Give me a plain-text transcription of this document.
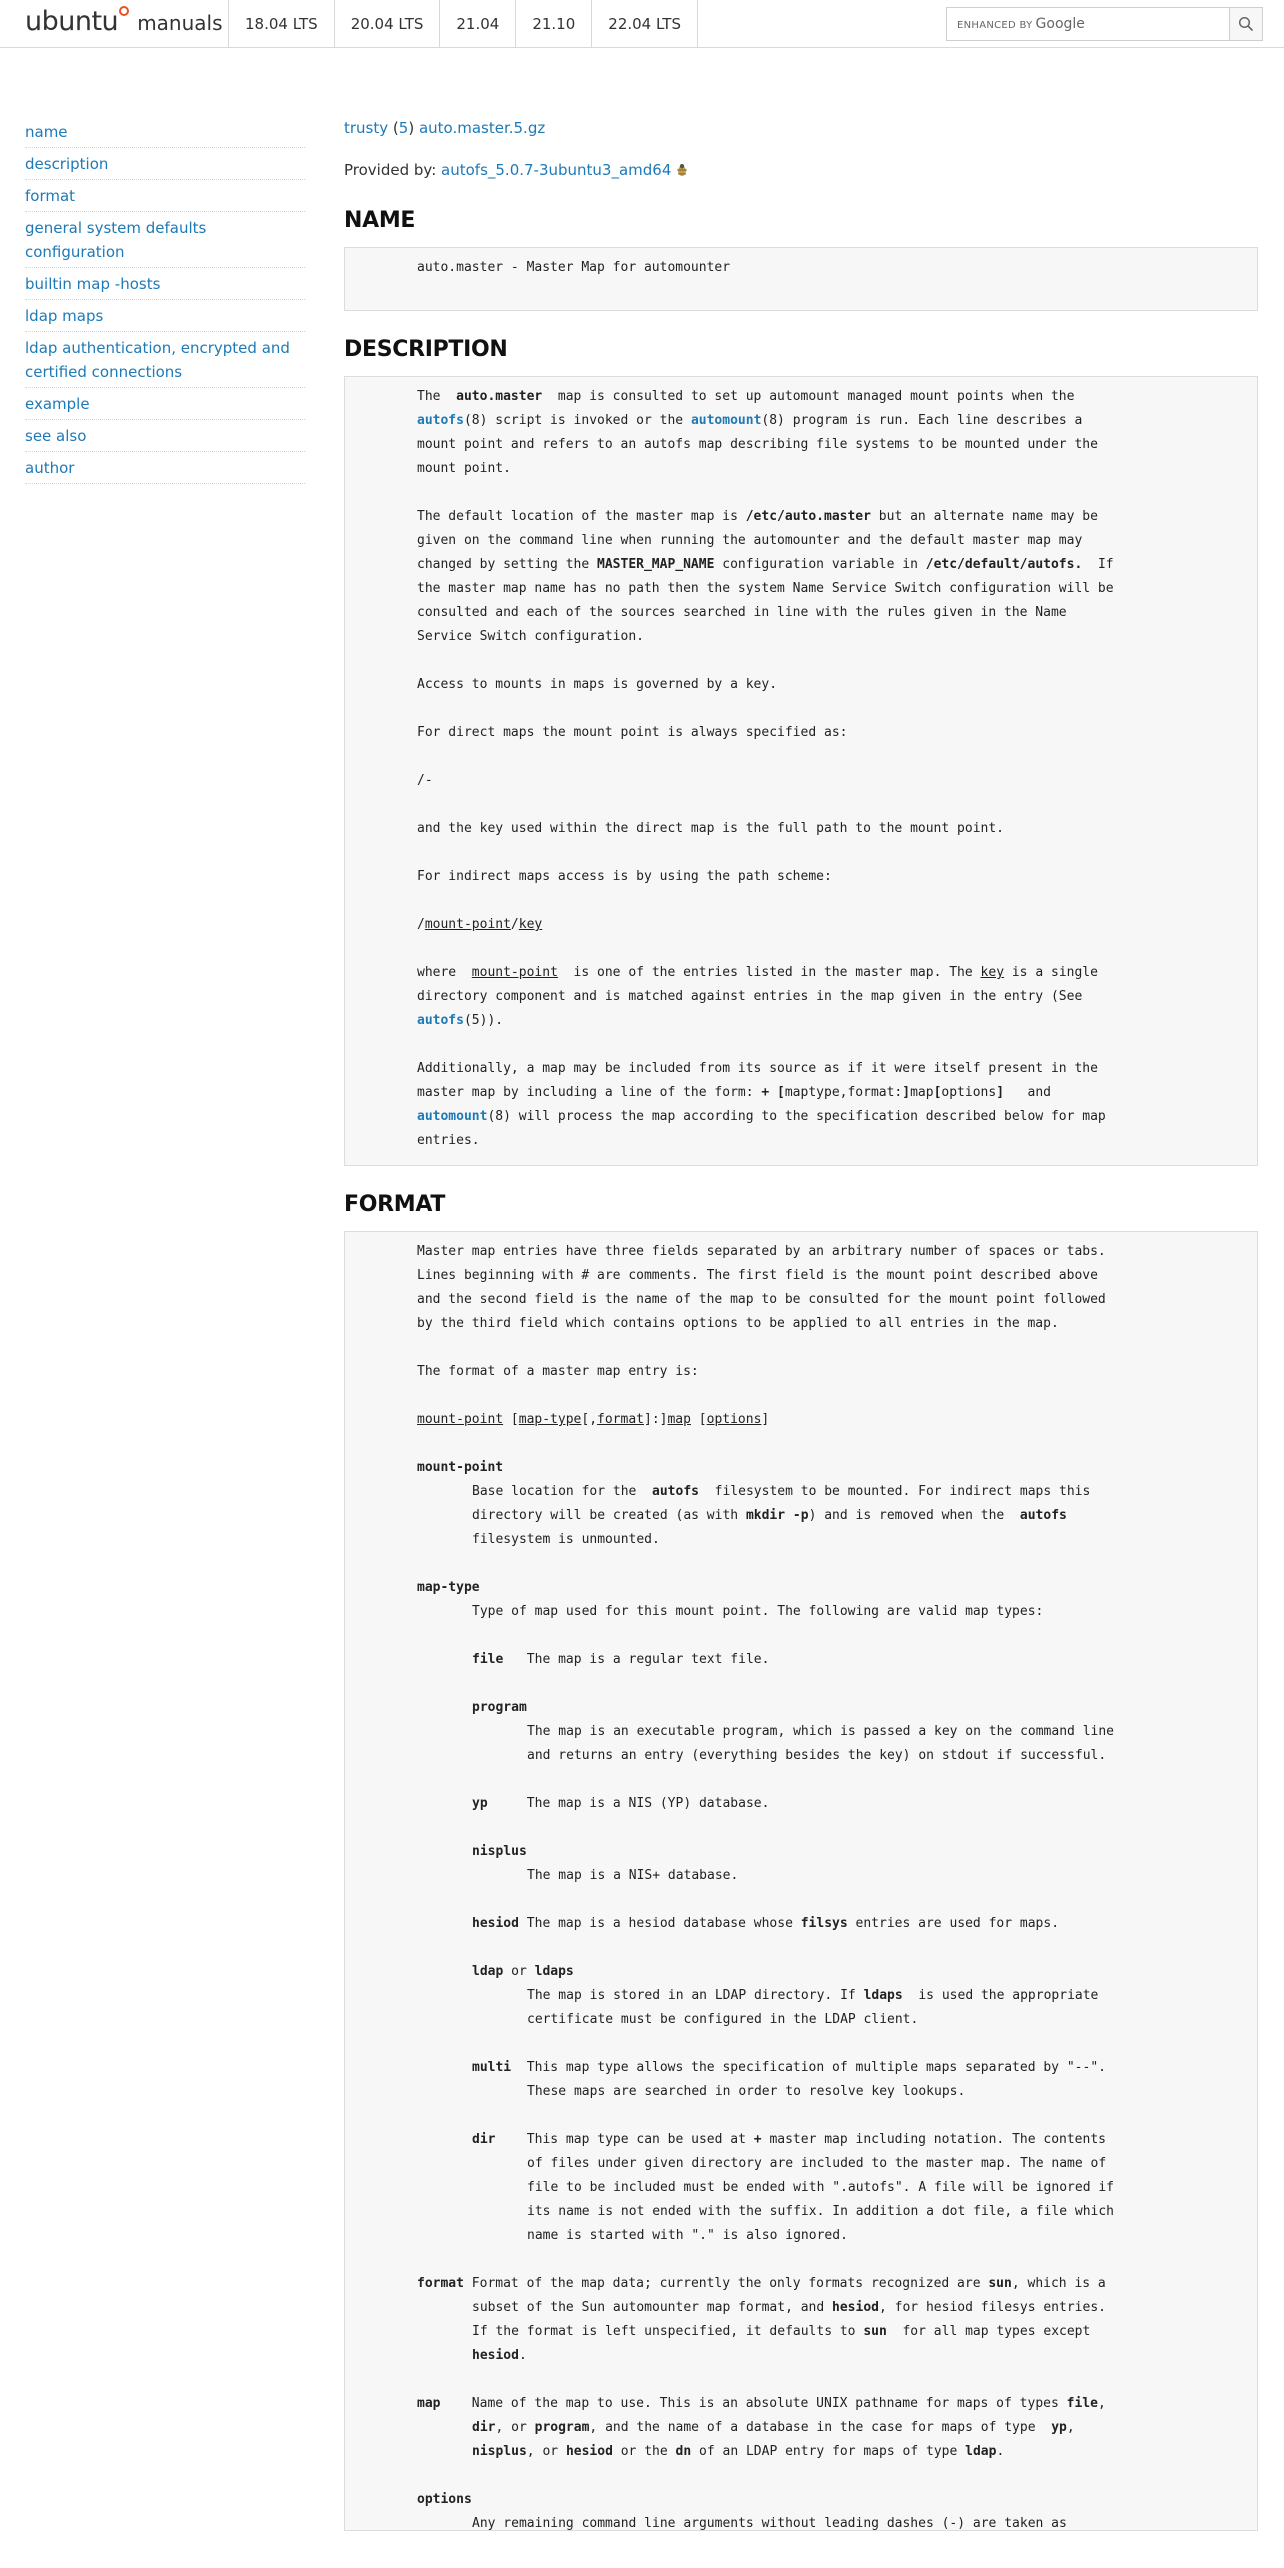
ubuntu manuals	18.04 LTS	20.04 LTS	21.04	21.10	22.04 LTS	ENHANCED BY Google
name
description
format
general system defaults configuration
builtin map -hosts
ldap maps
ldap authentication, encrypted and certified connections
example
see also
author
trusty (5) auto.master.5.gz
Provided by:
autofs_5.0.7-3ubuntu3_amd64
NAME
auto.master - Master Map for automounter
DESCRIPTION
The auto.master map is consulted to set up automount managed mount points when the
autofs(8) script is invoked or the automount(8) program is run. Each line describes a
mount point and refers to an autofs map describing file systems to be mounted under the
mount point.
The default location of the master map is /etc/auto.master but an alternate name may be
given on the command line when running the automounter and the default master map may
changed by setting the MASTER_MAP_NAME configuration variable in /etc/default/autofs. If
the master map name has no path then the system Name Service Switch configuration will be
consulted and each of the sources searched in line with the rules given in the Name
Service Switch configuration.
Access to mounts in maps is governed by a key.
For direct maps the mount point is always specified as:
/-
and the key used within the direct map is the full path to the mount point.
For indirect maps access is by using the path scheme:
/mount-point/key
where mount-point is one of the entries listed in the master map. The key is a single
directory component and is matched against entries in the map given in the entry (See
autofs(5)).
Additionally, a map may be included from its source as if it were itself present in the
master map by including a line of the form: + [maptype,format:]map[options] and
automount(8) will process the map according to the specification described below for map
entries.
FORMAT
Master map entries have three fields separated by an arbitrary number of spaces or tabs.
Lines beginning with # are comments. The first field is the mount point described above
and the second field is the name of the map to be consulted for the mount point followed
by the third field which contains options to be applied to all entries in the map.
The format of a master map entry is:
mount-point [map-type[,format]:]map [options]
mount-point
Base location for the autofs filesystem to be mounted. For indirect maps this
directory will be created (as with mkdir -p) and is removed when the autofs
filesystem is unmounted.
map-type
Type of map used for this mount point. The following are valid map types:
file The map is a regular text file.
program
The map is an executable program, which is passed a key on the command line
and returns an entry (everything besides the key) on stdout if successful.
yp	The map is a NIS (YP) database.
nisplus
The map is a NIS+ database.
hesiod The map is a hesiod database whose filsys entries are used for maps.
ldap or ldaps
The map is stored in an LDAP directory. If ldaps is used the appropriate
certificate must be configured in the LDAP client.
multi This map type allows the specification of multiple maps separated by "--".
These maps are searched in order to resolve key lookups.
dir This map type can be used at + master map including notation. The contents
of files under given directory are included to the master map. The name of
file to be included must be ended with ".autofs". A file will be ignored if
its name is not ended with the suffix. In addition a dot file, a file which
name is started with "." is also ignored.
format Format of the map data; currently the only formats recognized are sun, which is a
subset of the Sun automounter map format, and hesiod, for hesiod filesys entries.
If the format is left unspecified, it defaults to sun for all map types except
hesiod.
map Name of the map to use. This is an absolute UNIX pathname for maps of types file,
dir, or program, and the name of a database in the case for maps of type yp,
nisplus, or hesiod or the dn of an LDAP entry for maps of type ldap.
options
Any remaining command line arguments without leading dashes (-) are taken as
